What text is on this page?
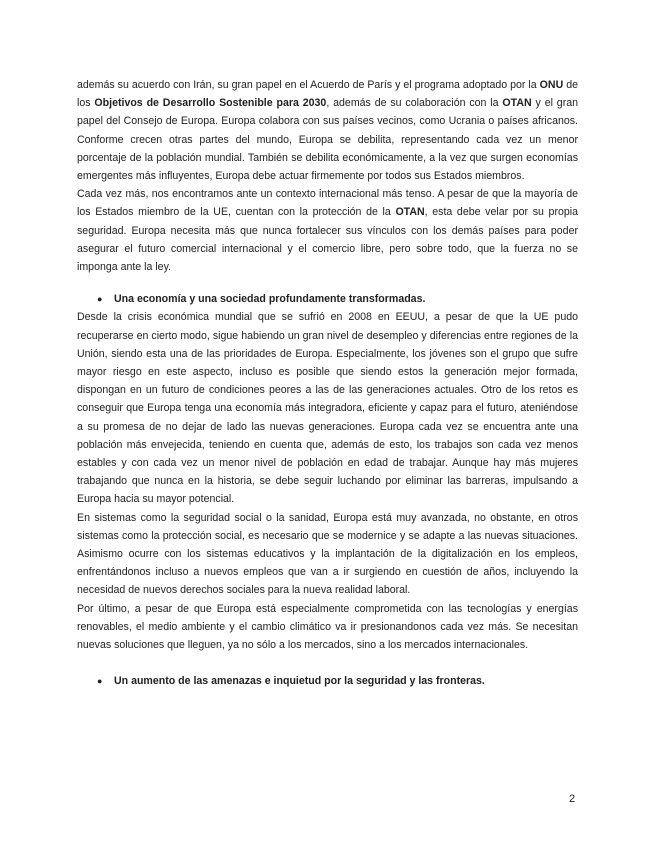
además su acuerdo con Irán, su gran papel en el Acuerdo de París y el programa adoptado por la ONU de los Objetivos de Desarrollo Sostenible para 2030, además de su colaboración con la OTAN y el gran papel del Consejo de Europa. Europa colabora con sus países vecinos, como Ucrania o países africanos. Conforme crecen otras partes del mundo, Europa se debilita, representando cada vez un menor porcentaje de la población mundial. También se debilita económicamente, a la vez que surgen economías emergentes más influyentes, Europa debe actuar firmemente por todos sus Estados miembros.

Cada vez más, nos encontramos ante un contexto internacional más tenso. A pesar de que la mayoría de los Estados miembro de la UE, cuentan con la protección de la OTAN, esta debe velar por su propia seguridad. Europa necesita más que nunca fortalecer sus vínculos con los demás países para poder asegurar el futuro comercial internacional y el comercio libre, pero sobre todo, que la fuerza no se imponga ante la ley.

●	Una economía y una sociedad profundamente transformadas.

Desde la crisis económica mundial que se sufrió en 2008 en EEUU, a pesar de que la UE pudo recuperarse en cierto modo, sigue habiendo un gran nivel de desempleo y diferencias entre regiones de la Unión, siendo esta una de las prioridades de Europa. Especialmente, los jóvenes son el grupo que sufre mayor riesgo en este aspecto, incluso es posible que siendo estos la generación mejor formada, dispongan en un futuro de condiciones peores a las de las generaciones actuales. Otro de los retos es conseguir que Europa tenga una economía más integradora, eficiente y capaz para el futuro, ateniéndose a su promesa de no dejar de lado las nuevas generaciones. Europa cada vez se encuentra ante una población más envejecida, teniendo en cuenta que, además de esto, los trabajos son cada vez menos estables y con cada vez un menor nivel de población en edad de trabajar. Aunque hay más mujeres trabajando que nunca en la historia, se debe seguir luchando por eliminar las barreras, impulsando a Europa hacia su mayor potencial.

En sistemas como la seguridad social o la sanidad, Europa está muy avanzada, no obstante, en otros sistemas como la protección social, es necesario que se modernice y se adapte a las nuevas situaciones. Asimismo ocurre con los sistemas educativos y la implantación de la digitalización en los empleos, enfrentándonos incluso a nuevos empleos que van a ir surgiendo en cuestión de años, incluyendo la necesidad de nuevos derechos sociales para la nueva realidad laboral.

Por último, a pesar de que Europa está especialmente comprometida con las tecnologías y energías renovables, el medio ambiente y el cambio climático va ir presionandonos cada vez más. Se necesitan nuevas soluciones que lleguen, ya no sólo a los mercados, sino a los mercados internacionales.

●	Un aumento de las amenazas e inquietud por la seguridad y las fronteras.
2
